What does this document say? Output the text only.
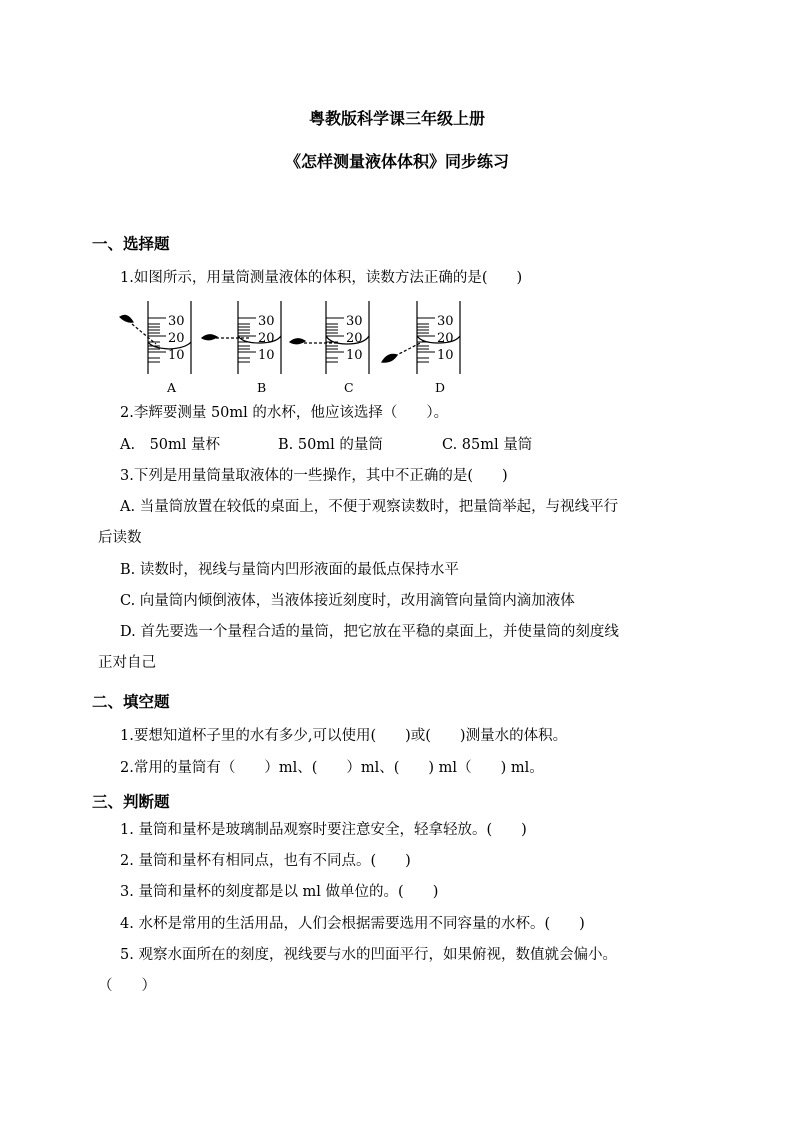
粤教版科学课三年级上册
《怎样测量液体体积》同步练习
一、选择题
1.如图所示，用量筒测量液体的体积，读数方法正确的是(　　)
30
20
10
30
20
10
30
20
10
30
20
10
A	B	C	D
2.李辉要测量 50ml 的水杯，他应该选择（　　）。
A.　50ml 量杯	B. 50ml 的量筒	C. 85ml 量筒
3.下列是用量筒量取液体的一些操作，其中不正确的是(　　)
A. 当量筒放置在较低的桌面上，不便于观察读数时，把量筒举起，与视线平行
后读数
B. 读数时，视线与量筒内凹形液面的最低点保持水平
C. 向量筒内倾倒液体，当液体接近刻度时，改用滴管向量筒内滴加液体
D. 首先要选一个量程合适的量筒，把它放在平稳的桌面上，并使量筒的刻度线
正对自己
二、填空题
1.要想知道杯子里的水有多少,可以使用(　　)或(　　)测量水的体积。
2.常用的量筒有（　　）ml、(　　）ml、(　　) ml（　　) ml。
三、判断题
1. 量筒和量杯是玻璃制品观察时要注意安全，轻拿轻放。(　　)
2. 量筒和量杯有相同点，也有不同点。(　　)
3. 量筒和量杯的刻度都是以 ml 做单位的。(　　)
4. 水杯是常用的生活用品，人们会根据需要选用不同容量的水杯。(　　)
5. 观察水面所在的刻度，视线要与水的凹面平行，如果俯视，数值就会偏小。
（　　）
